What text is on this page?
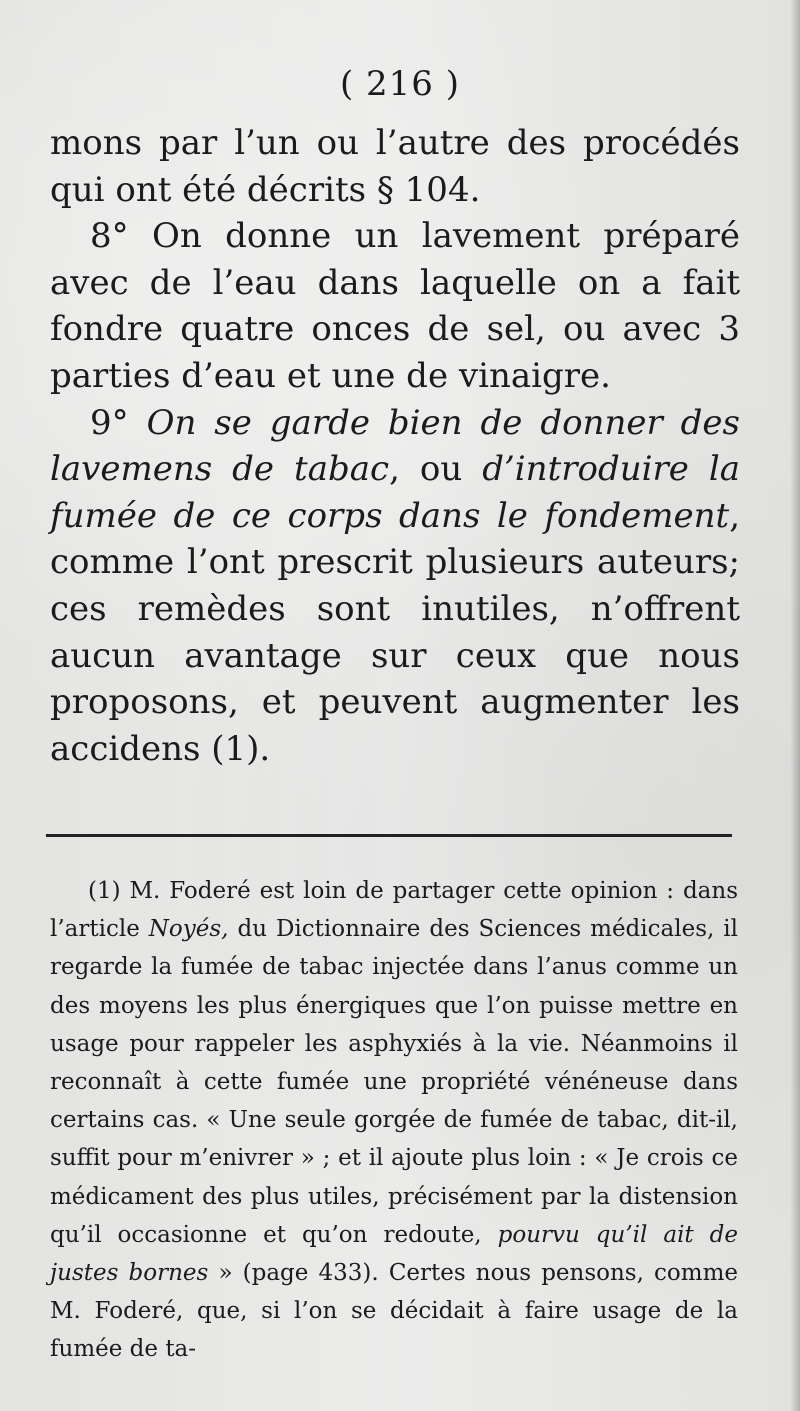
( 216 )

mons par l’un ou l’autre des procédés qui ont été décrits § 104.

8° On donne un lavement préparé avec de l’eau dans laquelle on a fait fondre quatre onces de sel, ou avec 3 parties d’eau et une de vinaigre.

9° On se garde bien de donner des lavemens de tabac, ou d’introduire la fumée de ce corps dans le fondement, comme l’ont prescrit plusieurs auteurs; ces remèdes sont inutiles, n’offrent aucun avantage sur ceux que nous proposons, et peuvent augmenter les accidens (1).

(1) M. Foderé est loin de partager cette opinion : dans l’article Noyés, du Dictionnaire des Sciences médicales, il regarde la fumée de tabac injectée dans l’anus comme un des moyens les plus énergiques que l’on puisse mettre en usage pour rappeler les asphyxiés à la vie. Néanmoins il reconnaît à cette fumée une propriété vénéneuse dans certains cas. « Une seule gorgée de fumée de tabac, dit-il, suffit pour m’enivrer » ; et il ajoute plus loin : « Je crois ce médicament des plus utiles, précisément par la distension qu’il occasionne et qu’on redoute, pourvu qu’il ait de justes bornes » (page 433). Certes nous pensons, comme M. Foderé, que, si l’on se décidait à faire usage de la fumée de ta-
